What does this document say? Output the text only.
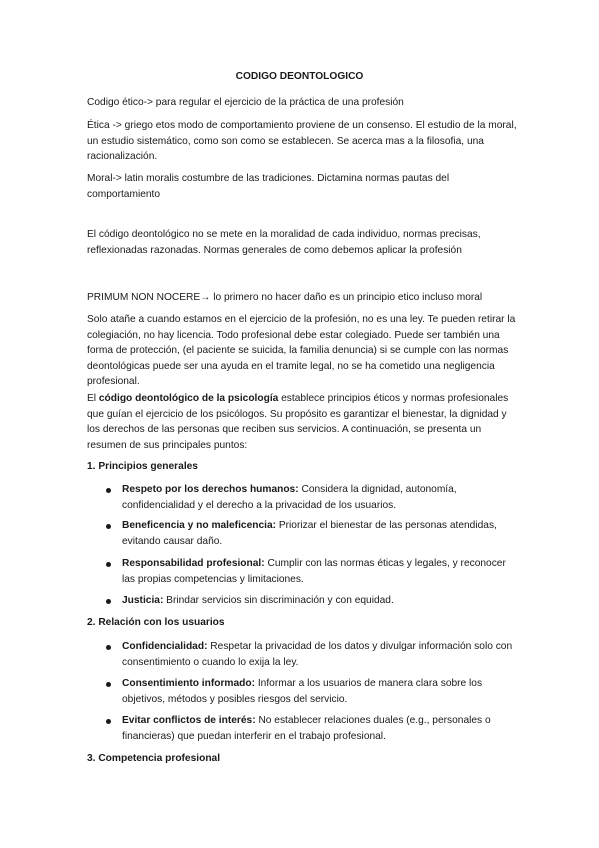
CODIGO DEONTOLOGICO

Codigo ético-> para regular el ejercicio de la práctica de una profesión

Ética -> griego etos modo de comportamiento proviene de un consenso. El estudio de la moral, un estudio sistemático, como son como se establecen. Se acerca mas a la filosofia, una racionalización.

Moral-> latin moralis costumbre de las tradiciones. Dictamina normas pautas del comportamiento

El código deontológico no se mete en la moralidad de cada individuo, normas precisas, reflexionadas razonadas. Normas generales de como debemos aplicar la profesión

PRIMUM NON NOCERE→ lo primero no hacer daño es un principio etico incluso moral

Solo atañe a cuando estamos en el ejercicio de la profesión, no es una ley. Te pueden retirar la colegiación, no hay licencia. Todo profesional debe estar colegiado. Puede ser también una forma de protección, (el paciente se suicida, la familia denuncia) si se cumple con las normas deontológicas puede ser una ayuda en el tramite legal, no se ha cometido una negligencia profesional.

El código deontológico de la psicología establece principios éticos y normas profesionales que guían el ejercicio de los psicólogos. Su propósito es garantizar el bienestar, la dignidad y los derechos de las personas que reciben sus servicios. A continuación, se presenta un resumen de sus principales puntos:

1. Principios generales

Respeto por los derechos humanos: Considera la dignidad, autonomía, confidencialidad y el derecho a la privacidad de los usuarios.

Beneficencia y no maleficencia: Priorizar el bienestar de las personas atendidas, evitando causar daño.

Responsabilidad profesional: Cumplir con las normas éticas y legales, y reconocer las propias competencias y limitaciones.

Justicia: Brindar servicios sin discriminación y con equidad.

2. Relación con los usuarios

Confidencialidad: Respetar la privacidad de los datos y divulgar información solo con consentimiento o cuando lo exija la ley.

Consentimiento informado: Informar a los usuarios de manera clara sobre los objetivos, métodos y posibles riesgos del servicio.

Evitar conflictos de interés: No establecer relaciones duales (e.g., personales o financieras) que puedan interferir en el trabajo profesional.

3. Competencia profesional
